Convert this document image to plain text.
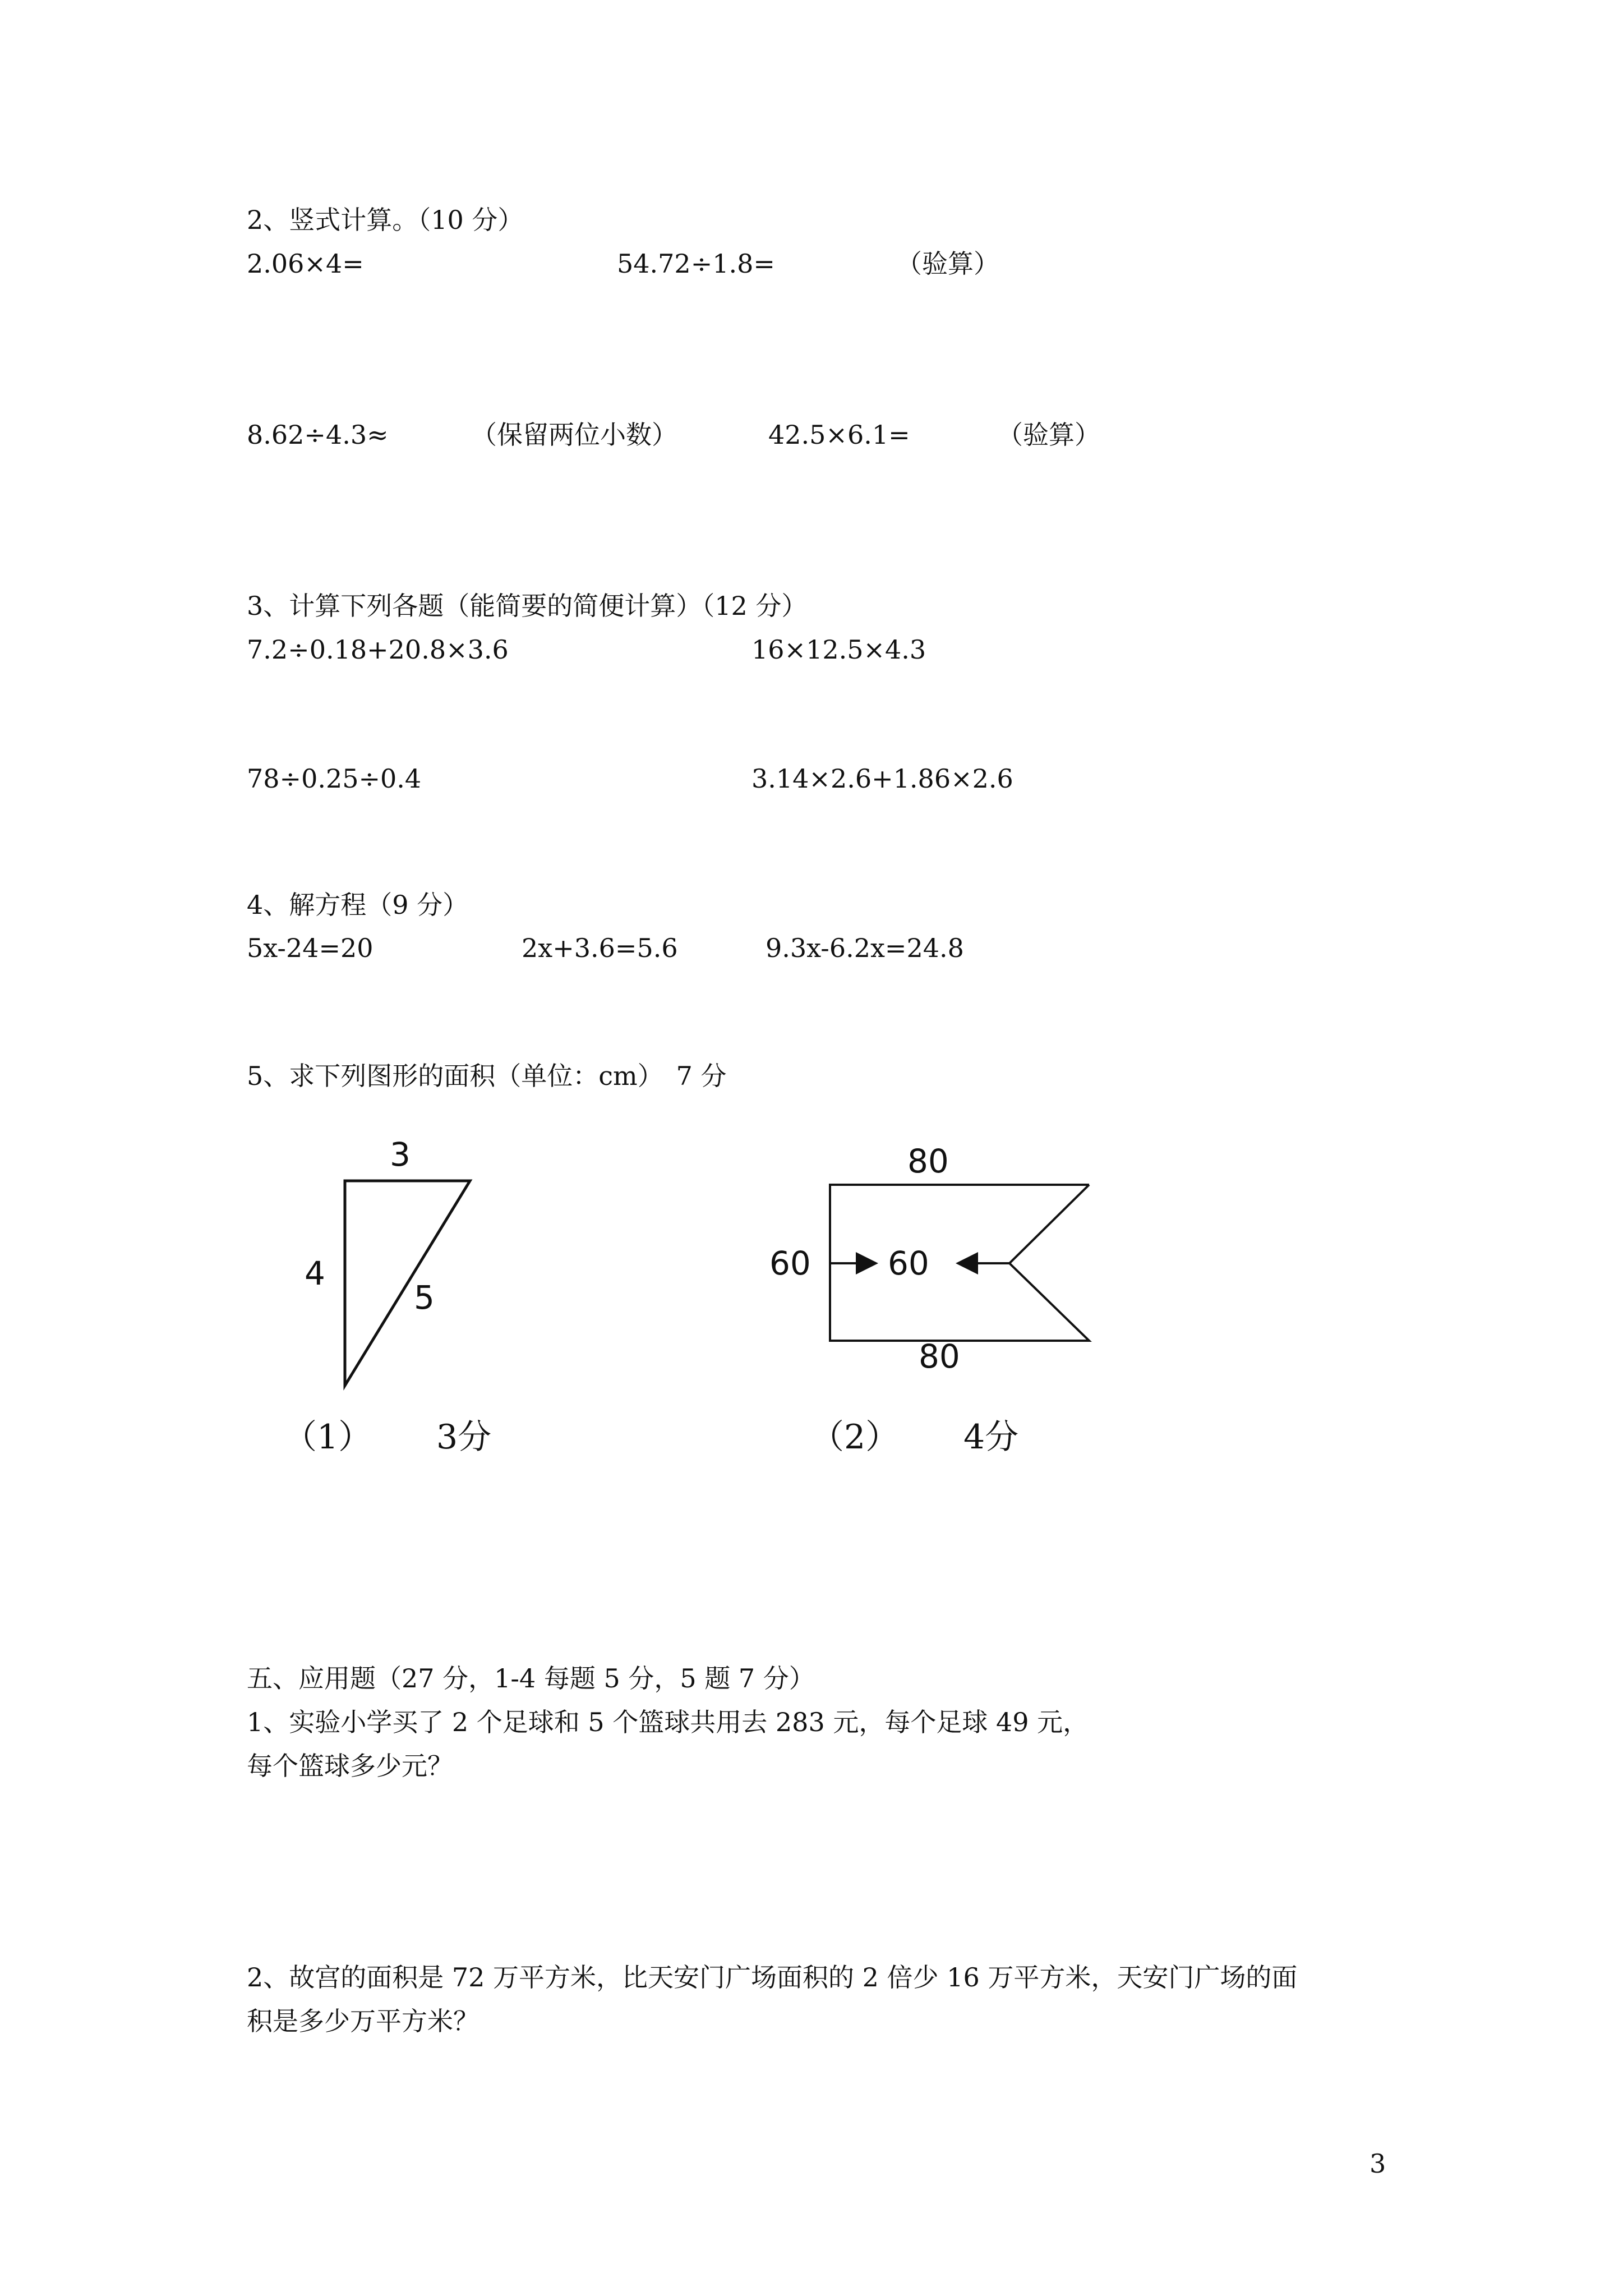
2、竖式计算。（10 分）
2.06×4=	54.72÷1.8=	（验算）
8.62÷4.3≈	（保留两位小数）	42.5×6.1=	（验算）
3、计算下列各题（能简要的简便计算）（12 分）
7.2÷0.18+20.8×3.6	16×12.5×4.3
78÷0.25÷0.4	3.14×2.6+1.86×2.6
4、解方程（9 分）
5x-24=20	2x+3.6=5.6	9.3x-6.2x=24.8
5、求下列图形的面积（单位：cm）　7 分
3
4
5
（1） 3分
80
60 60
80
（2） 4分
五、应用题（27 分，1-4 每题 5 分，5 题 7 分）
1、实验小学买了 2 个足球和 5 个篮球共用去 283 元，每个足球 49 元，
每个篮球多少元？
2、故宫的面积是 72 万平方米，比天安门广场面积的 2 倍少 16 万平方米，天安门广场的面
积是多少万平方米？
3
